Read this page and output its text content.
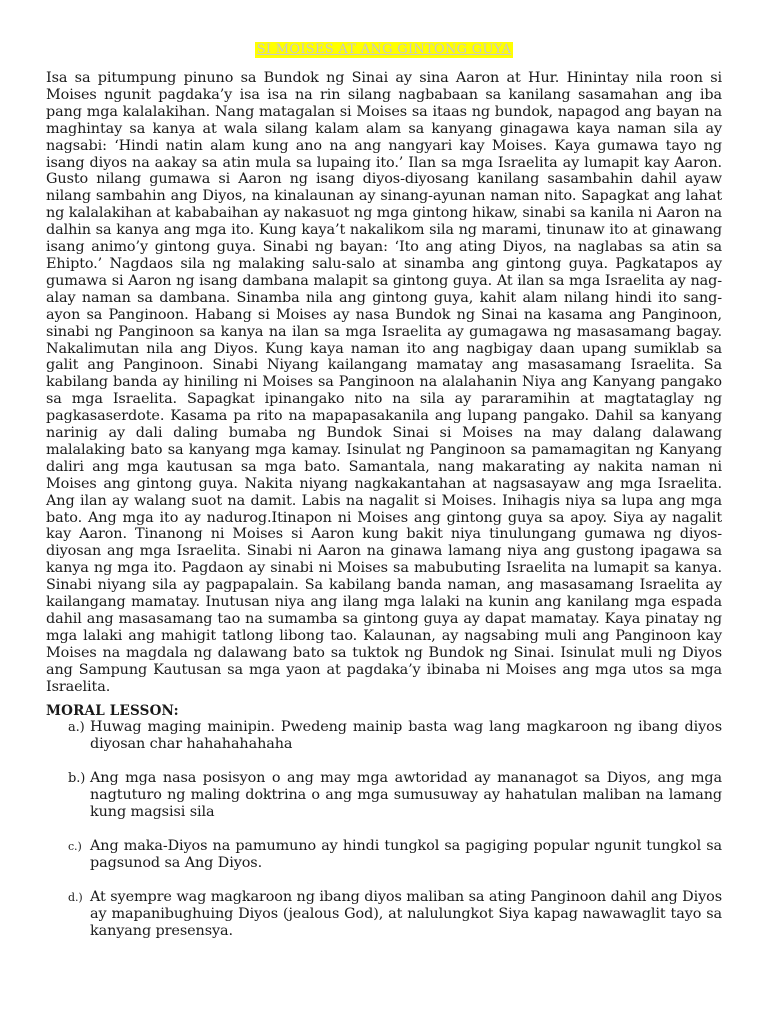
SI MOISES AT ANG GINTONG GUYA

Isa sa pitumpung pinuno sa Bundok ng Sinai ay sina Aaron at Hur. Hinintay nila roon si Moises ngunit pagdaka’y isa isa na rin silang nagbabaan sa kanilang sasamahan ang iba pang mga kalalakihan. Nang matagalan si Moises sa itaas ng bundok, napagod ang bayan na maghintay sa kanya at wala silang kalam alam sa kanyang ginagawa kaya naman sila ay nagsabi: ‘Hindi natin alam kung ano na ang nangyari kay Moises. Kaya gumawa tayo ng isang diyos na aakay sa atin mula sa lupaing ito.’ Ilan sa mga Israelita ay lumapit kay Aaron. Gusto nilang gumawa si Aaron ng isang diyos-diyosang kanilang sasambahin dahil ayaw nilang sambahin ang Diyos, na kinalaunan ay sinang-ayunan naman nito. Sapagkat ang lahat ng kalalakihan at kababaihan ay nakasuot ng mga gintong hikaw, sinabi sa kanila ni Aaron na dalhin sa kanya ang mga ito. Kung kaya’t nakalikom sila ng marami, tinunaw ito at ginawang isang animo’y gintong guya. Sinabi ng bayan: ‘Ito ang ating Diyos, na naglabas sa atin sa Ehipto.’ Nagdaos sila ng malaking salu-salo at sinamba ang gintong guya. Pagkatapos ay gumawa si Aaron ng isang dambana malapit sa gintong guya. At ilan sa mga Israelita ay nag-alay naman sa dambana. Sinamba nila ang gintong guya, kahit alam nilang hindi ito sang-ayon sa Panginoon. Habang si Moises ay nasa Bundok ng Sinai na kasama ang Panginoon, sinabi ng Panginoon sa kanya na ilan sa mga Israelita ay gumagawa ng masasamang bagay. Nakalimutan nila ang Diyos. Kung kaya naman ito ang nagbigay daan upang sumiklab sa galit ang Panginoon. Sinabi Niyang kailangang mamatay ang masasamang Israelita. Sa kabilang banda ay hiniling ni Moises sa Panginoon na alalahanin Niya ang Kanyang pangako sa mga Israelita. Sapagkat ipinangako nito na sila ay pararamihin at magtataglay ng pagkasaserdote. Kasama pa rito na mapapasakanila ang lupang pangako. Dahil sa kanyang narinig ay dali daling bumaba ng Bundok Sinai si Moises na may dalang dalawang malalaking bato sa kanyang mga kamay. Isinulat ng Panginoon sa pamamagitan ng Kanyang daliri ang mga kautusan sa mga bato. Samantala, nang makarating ay nakita naman ni Moises ang gintong guya. Nakita niyang nagkakantahan at nagsasayaw ang mga Israelita. Ang ilan ay walang suot na damit. Labis na nagalit si Moises. Inihagis niya sa lupa ang mga bato. Ang mga ito ay nadurog.Itinapon ni Moises ang gintong guya sa apoy. Siya ay nagalit kay Aaron. Tinanong ni Moises si Aaron kung bakit niya tinulungang gumawa ng diyos-diyosan ang mga Israelita. Sinabi ni Aaron na ginawa lamang niya ang gustong ipagawa sa kanya ng mga ito. Pagdaon ay sinabi ni Moises sa mabubuting Israelita na lumapit sa kanya. Sinabi niyang sila ay pagpapalain. Sa kabilang banda naman, ang masasamang Israelita ay kailangang mamatay. Inutusan niya ang ilang mga lalaki na kunin ang kanilang mga espada dahil ang masasamang tao na sumamba sa gintong guya ay dapat mamatay. Kaya pinatay ng mga lalaki ang mahigit tatlong libong tao. Kalaunan, ay nagsabing muli ang Panginoon kay Moises na magdala ng dalawang bato sa tuktok ng Bundok ng Sinai. Isinulat muli ng Diyos ang Sampung Kautusan sa mga yaon at pagdaka’y ibinaba ni Moises ang mga utos sa mga Israelita.

MORAL LESSON:

a.) Huwag maging mainipin. Pwedeng mainip basta wag lang magkaroon ng ibang diyos diyosan char hahahahahaha
b.) Ang mga nasa posisyon o ang may mga awtoridad ay mananagot sa Diyos, ang mga nagtuturo ng maling doktrina o ang mga sumusuway ay hahatulan maliban na lamang kung magsisi sila
c.) Ang maka-Diyos na pamumuno ay hindi tungkol sa pagiging popular ngunit tungkol sa pagsunod sa Ang Diyos.
d.) At syempre wag magkaroon ng ibang diyos maliban sa ating Panginoon dahil ang Diyos ay mapanibughuing Diyos (jealous God), at nalulungkot Siya kapag nawawaglit tayo sa kanyang presensya.
